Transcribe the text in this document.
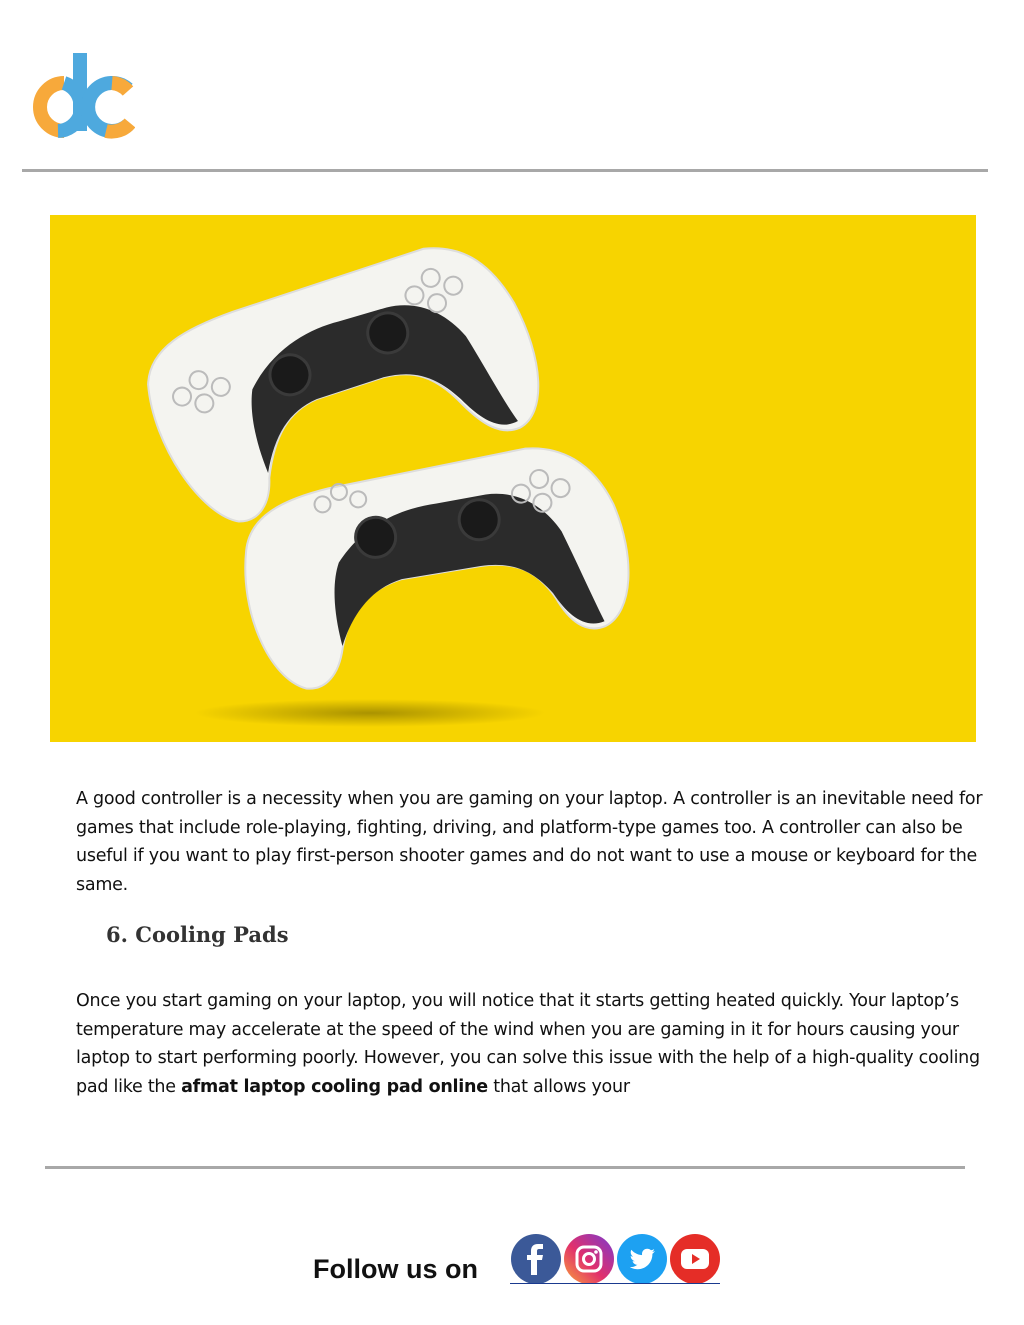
A good controller is a necessity when you are gaming on your laptop. A controller is an inevitable need for games that include role-playing, fighting, driving, and platform-type games too. A controller can also be useful if you want to play first-person shooter games and do not want to use a mouse or keyboard for the same.

6. Cooling Pads

Once you start gaming on your laptop, you will notice that it starts getting heated quickly. Your laptop’s temperature may accelerate at the speed of the wind when you are gaming in it for hours causing your laptop to start performing poorly. However, you can solve this issue with the help of a high-quality cooling pad like the afmat laptop cooling pad online that allows your

Follow us on
